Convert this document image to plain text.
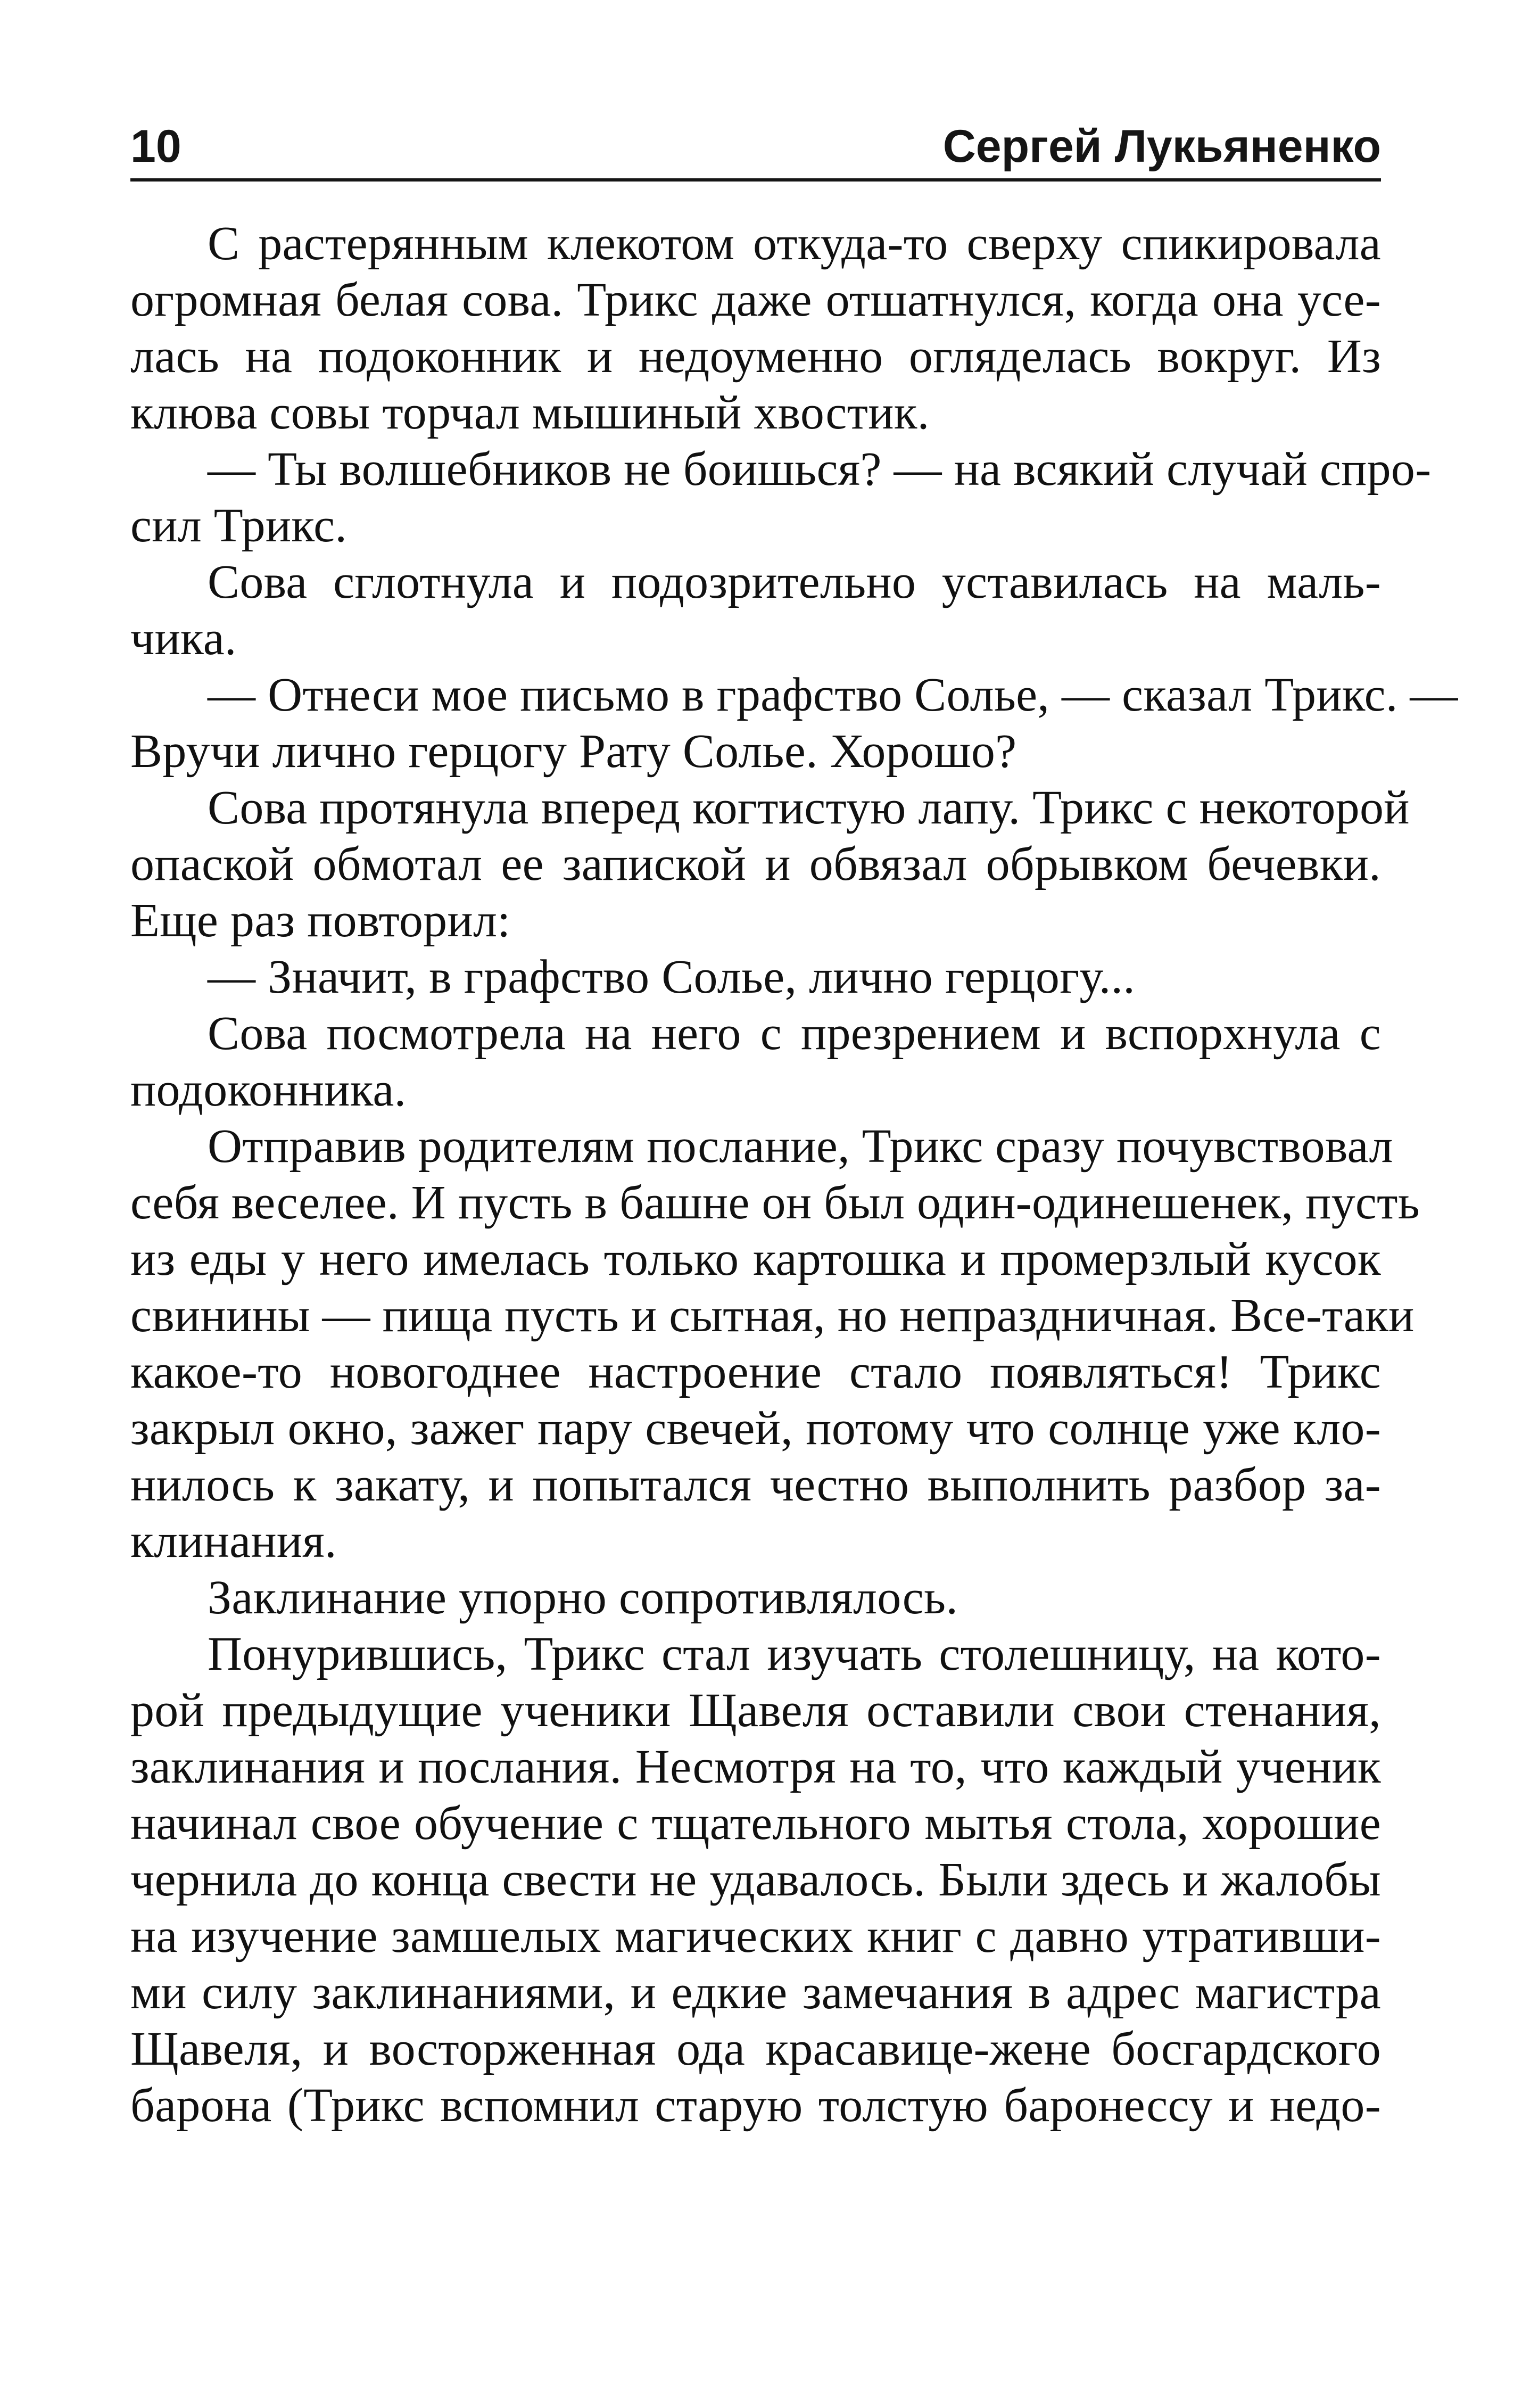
10	Сергей Лукьяненко
С растерянным клекотом откуда-то сверху спикировала
огромная белая сова. Трикс даже отшатнулся, когда она усе-
лась на подоконник и недоуменно огляделась вокруг. Из
клюва совы торчал мышиный хвостик.
— Ты волшебников не боишься? — на всякий случай спро-
сил Трикс.
Сова сглотнула и подозрительно уставилась на маль-
чика.
— Отнеси мое письмо в графство Солье, — сказал Трикс. —
Вручи лично герцогу Рату Солье. Хорошо?
Сова протянула вперед когтистую лапу. Трикс с некоторой
опаской обмотал ее запиской и обвязал обрывком бечевки.
Еще раз повторил:
— Значит, в графство Солье, лично герцогу...
Сова посмотрела на него с презрением и вспорхнула с
подоконника.
Отправив родителям послание, Трикс сразу почувствовал
себя веселее. И пусть в башне он был один-одинешенек, пусть
из еды у него имелась только картошка и промерзлый кусок
свинины — пища пусть и сытная, но непраздничная. Все-таки
какое-то новогоднее настроение стало появляться! Трикс
закрыл окно, зажег пару свечей, потому что солнце уже кло-
нилось к закату, и попытался честно выполнить разбор за-
клинания.
Заклинание упорно сопротивлялось.
Понурившись, Трикс стал изучать столешницу, на кото-
рой предыдущие ученики Щавеля оставили свои стенания,
заклинания и послания. Несмотря на то, что каждый ученик
начинал свое обучение с тщательного мытья стола, хорошие
чернила до конца свести не удавалось. Были здесь и жалобы
на изучение замшелых магических книг с давно утративши-
ми силу заклинаниями, и едкие замечания в адрес магистра
Щавеля, и восторженная ода красавице-жене босгардского
барона (Трикс вспомнил старую толстую баронессу и недо-
